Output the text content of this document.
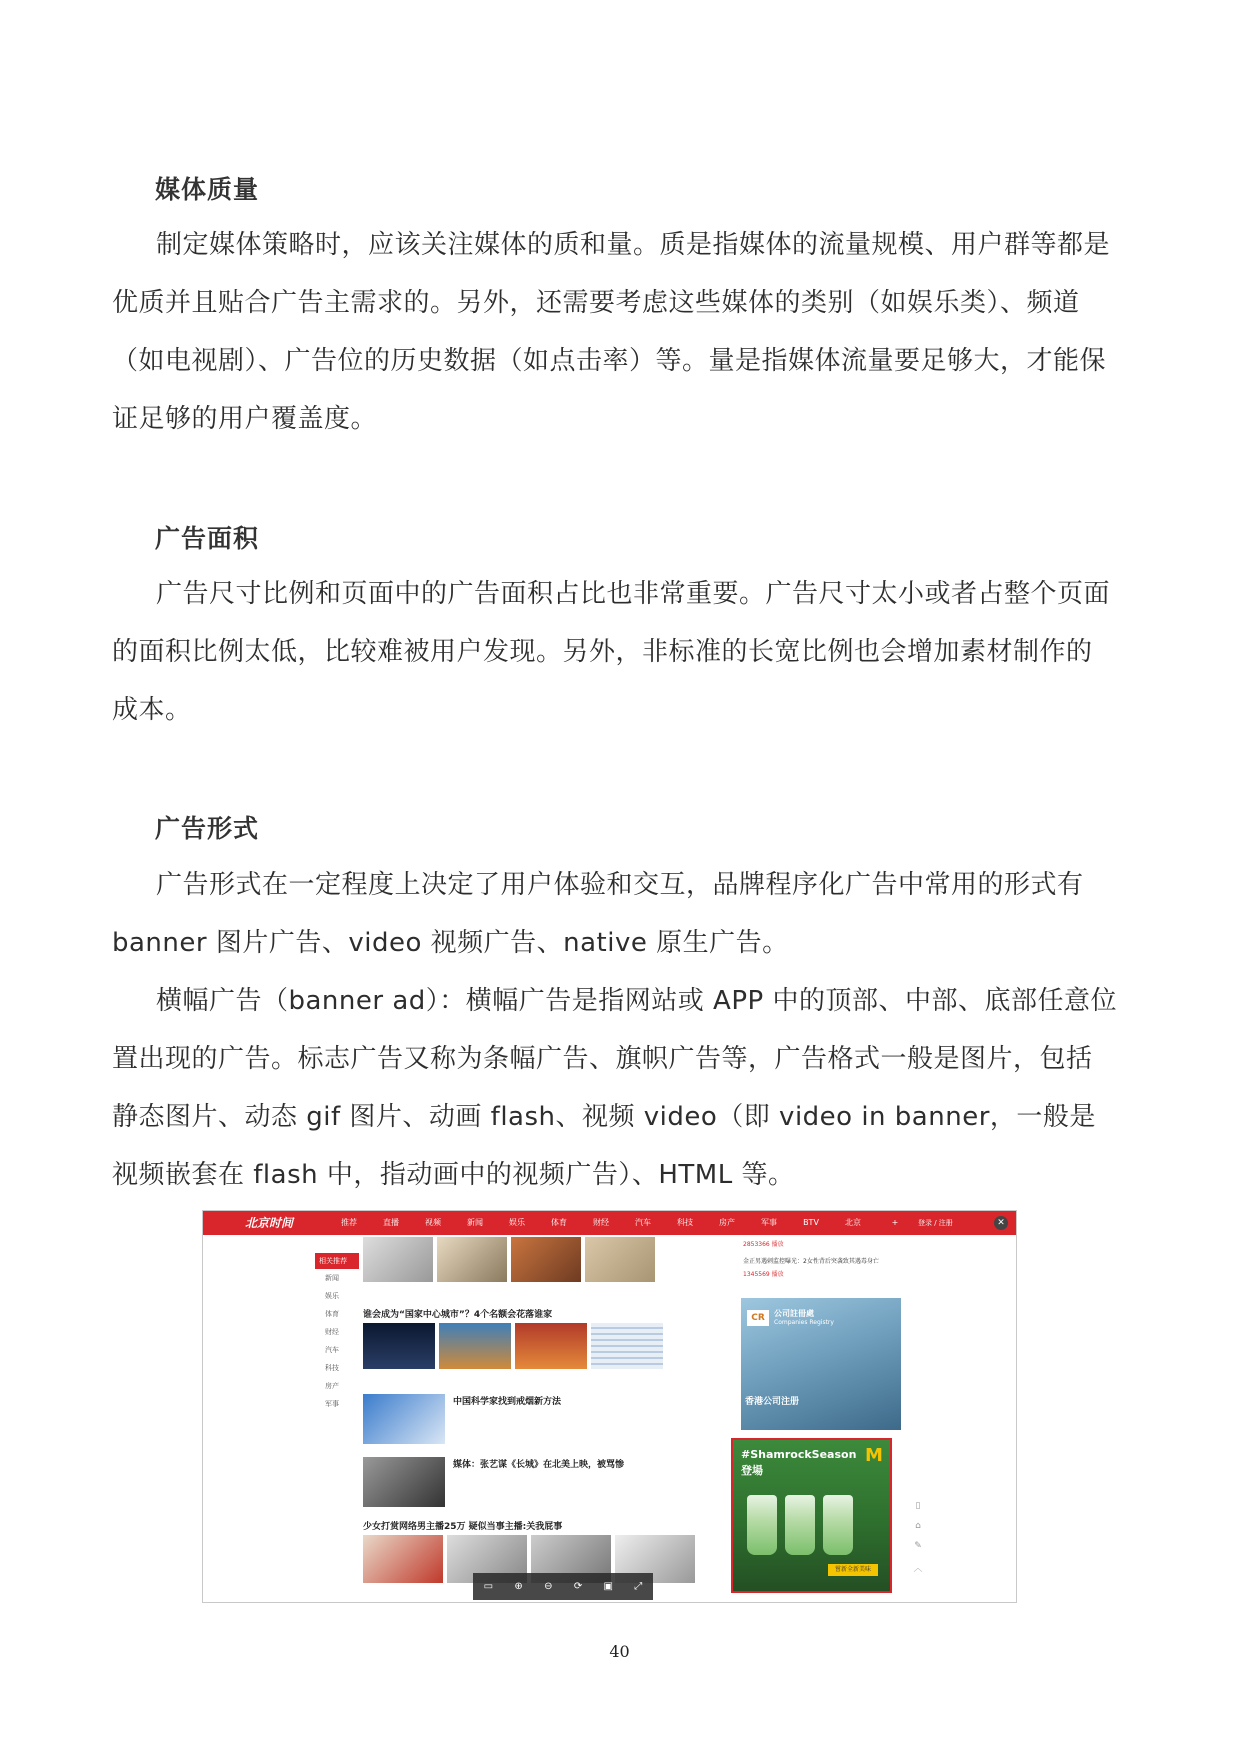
媒体质量
制定媒体策略时，应该关注媒体的质和量。质是指媒体的流量规模、用户群等都是优质并且贴合广告主需求的。另外，还需要考虑这些媒体的类别（如娱乐类）、频道（如电视剧）、广告位的历史数据（如点击率）等。量是指媒体流量要足够大，才能保证足够的用户覆盖度。
广告面积
广告尺寸比例和页面中的广告面积占比也非常重要。广告尺寸太小或者占整个页面的面积比例太低，比较难被用户发现。另外，非标准的长宽比例也会增加素材制作的成本。
广告形式
广告形式在一定程度上决定了用户体验和交互，品牌程序化广告中常用的形式有banner 图片广告、video 视频广告、native 原生广告。
横幅广告（banner ad）：横幅广告是指网站或 APP 中的顶部、中部、底部任意位置出现的广告。标志广告又称为条幅广告、旗帜广告等，广告格式一般是图片，包括静态图片、动态 gif 图片、动画 flash、视频 video（即 video in banner，一般是视频嵌套在 flash 中，指动画中的视频广告）、HTML 等。
北京时间	推荐	直播	视频	新闻	娱乐	体育	财经	汽车	科技	房产	军事	BTV	北京	+	登录 / 注册	✕
相关推荐
新闻
娱乐
体育
财经
汽车
科技
房产
军事
谁会成为“国家中心城市”？4个名额会花落谁家
中国科学家找到戒烟新方法
媒体：张艺谋《长城》在北美上映，被骂惨
少女打赏网络男主播25万 疑似当事主播:关我屁事
2853366 播放
金正男遇刺监控曝光：2女性背后突袭致其遇毒身亡
1345569 播放
CR	公司註冊處
Companies Registry
香港公司注册
#ShamrockSeason
登場
M
嘗新全新美味
▯
⌂
✎
︿
▭ ⊕ ⊖ ⟳ ▣ ⤢
40
